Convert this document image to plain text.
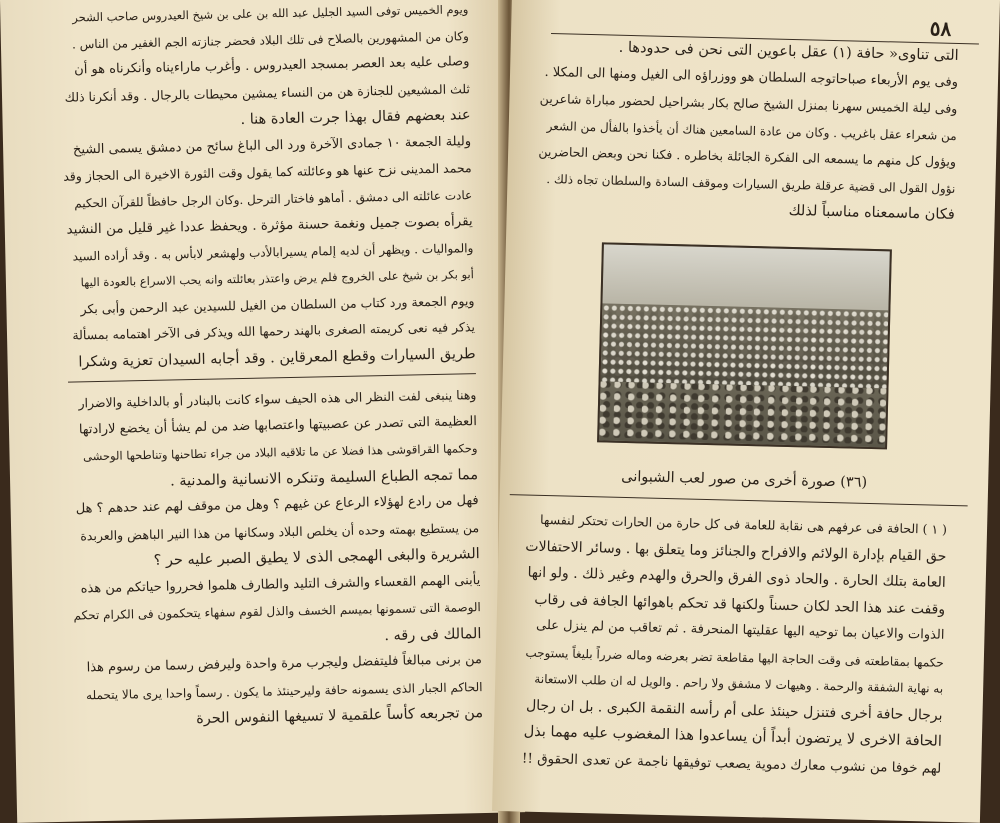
ويوم الخميس توفى السيد الجليل عبد الله بن على بن شيخ العيدروس صاحب الشحر
وكان من المشهورين بالصلاح فى تلك البلاد فحضر جنازته الجم الغفير من الناس .
وصلى عليه بعد العصر بمسجد العيدروس . وأغرب ماراءيناه وأنكرناه هو أن
ثلث المشيعين للجنازة هن من النساء يمشين محيطات بالرجال . وقد أنكرنا ذلك
عند بعضهم فقال بهذا جرت العادة هنا .
وليلة الجمعة ١٠ جمادى الآخرة ورد الى الباغ سائح من دمشق يسمى الشيخ
محمد المدينى نزح عنها هو وعائلته كما يقول وقت الثورة الاخيرة الى الحجاز وقد
عادت عائلته الى دمشق . أماهو فاختار الترحل .وكان الرجل حافظاً للقرآن الحكيم
يقرأه بصوت جميل ونغمة حسنة مؤثرة . ويحفظ عددا غير قليل من النشيد
والمواليات . ويظهر أن لديه إلمام يسيرابالأدب ولهشعر لابأس به . وقد أراده السيد
أبو بكر بن شيخ على الخروج فلم يرض واعتذر بعائلته وانه يحب الاسراع بالعودة اليها
ويوم الجمعة ورد كتاب من السلطان من الغيل للسيدين عبد الرحمن وأبى بكر
يذكر فيه نعى كريمته الصغرى بالهند رحمها الله ويذكر فى الآخر اهتمامه بمسألة
طريق السيارات وقطع المعرقاين . وقد أجابه السيدان تعزية وشكرا
وهنا ينبغى لفت النظر الى هذه الحيف سواء كانت بالبنادر أو بالداخلية والاضرار
العظيمة التى تصدر عن عصبيتها واعتصابها ضد من لم يشأ أن يخضع لارادتها
وحكمها القراقوشى هذا فضلا عن ما تلاقيه البلاد من جراء تطاحنها وتناطحها الوحشى
مما تمجه الطباع السليمة وتنكره الانسانية والمدنية .
فهل من رادع لهؤلاء الرعاع عن غيهم ؟ وهل من موقف لهم عند حدهم ؟ هل
من يستطيع بهمته وحده أن يخلص البلاد وسكانها من هذا النير الباهض والعربدة
الشريرة والبغى الهمجى الذى لا يطيق الصبر عليه حر ؟
يأبنى الهمم القعساء والشرف التليد والطارف هلموا فحرروا حياتكم من هذه
الوصمة التى تسمونها بميسم الخسف والذل لقوم سفهاء يتحكمون فى الكرام تحكم
المالك فى رقه .
من برنى مبالغاً فليتفضل وليجرب مرة واحدة وليرفض رسما من رسوم هذا
الحاكم الجبار الذى يسمونه حافة وليرحينئذ ما يكون . رسماً واحدا يرى مالا يتحمله
من تجربعه كأساً علقمية لا تسيغها النفوس الحرة
٥٨
التى تناوى« حافة (١) عقل باعوين التى نحن فى حدودها .
وفى يوم الأربعاء صباحاتوجه السلطان هو ووزراؤه الى الغيل ومنها الى المكلا .
وفى ليلة الخميس سهرنا بمنزل الشيخ صالح بكار بشراحيل لحضور مباراة شاعرين
من شعراء عقل باغريب . وكان من عادة السامعين هناك أن يأخذوا بالفأل من الشعر
ويؤول كل منهم ما يسمعه الى الفكرة الجائلة بخاطره . فكنا نحن وبعض الحاضرين
نؤول القول الى قضية عرقلة طريق السيارات وموقف السادة والسلطان تجاه ذلك .
فكان ماسمعناه مناسباً لذلك
(٣٦) صورة أخرى من صور لعب الشبوانى
( ١ ) الحافة فى عرفهم هى نقابة للعامة فى كل حارة من الحارات تحتكر لنفسها
حق القيام بإدارة الولائم والافراح والجنائز وما يتعلق بها . وسائر الاحتفالات
العامة بتلك الحارة . والحاد ذوى الفرق والحرق والهدم وغير ذلك . ولو انها
وقفت عند هذا الحد لكان حسناً ولكنها قد تحكم باهوائها الجافة فى رقاب
الذوات والاعيان بما توحيه اليها عقليتها المنحرفة . ثم تعاقب من لم ينزل على
حكمها بمقاطعته فى وقت الحاجة اليها مقاطعة تضر بعرضه وماله ضرراً بليغاً يستوجب
به نهاية الشفقة والرحمة . وهيهات لا مشفق ولا راحم . والويل له ان طلب الاستعانة
برجال حافة أخرى فتنزل حينئذ على أم رأسه النقمة الكبرى . بل ان رجال
الحافة الاخرى لا يرتضون أبداً أن يساعدوا هذا المغضوب عليه مهما بذل
لهم خوفا من نشوب معارك دموية يصعب توفيقها ناجمة عن تعدى الحقوق !!
